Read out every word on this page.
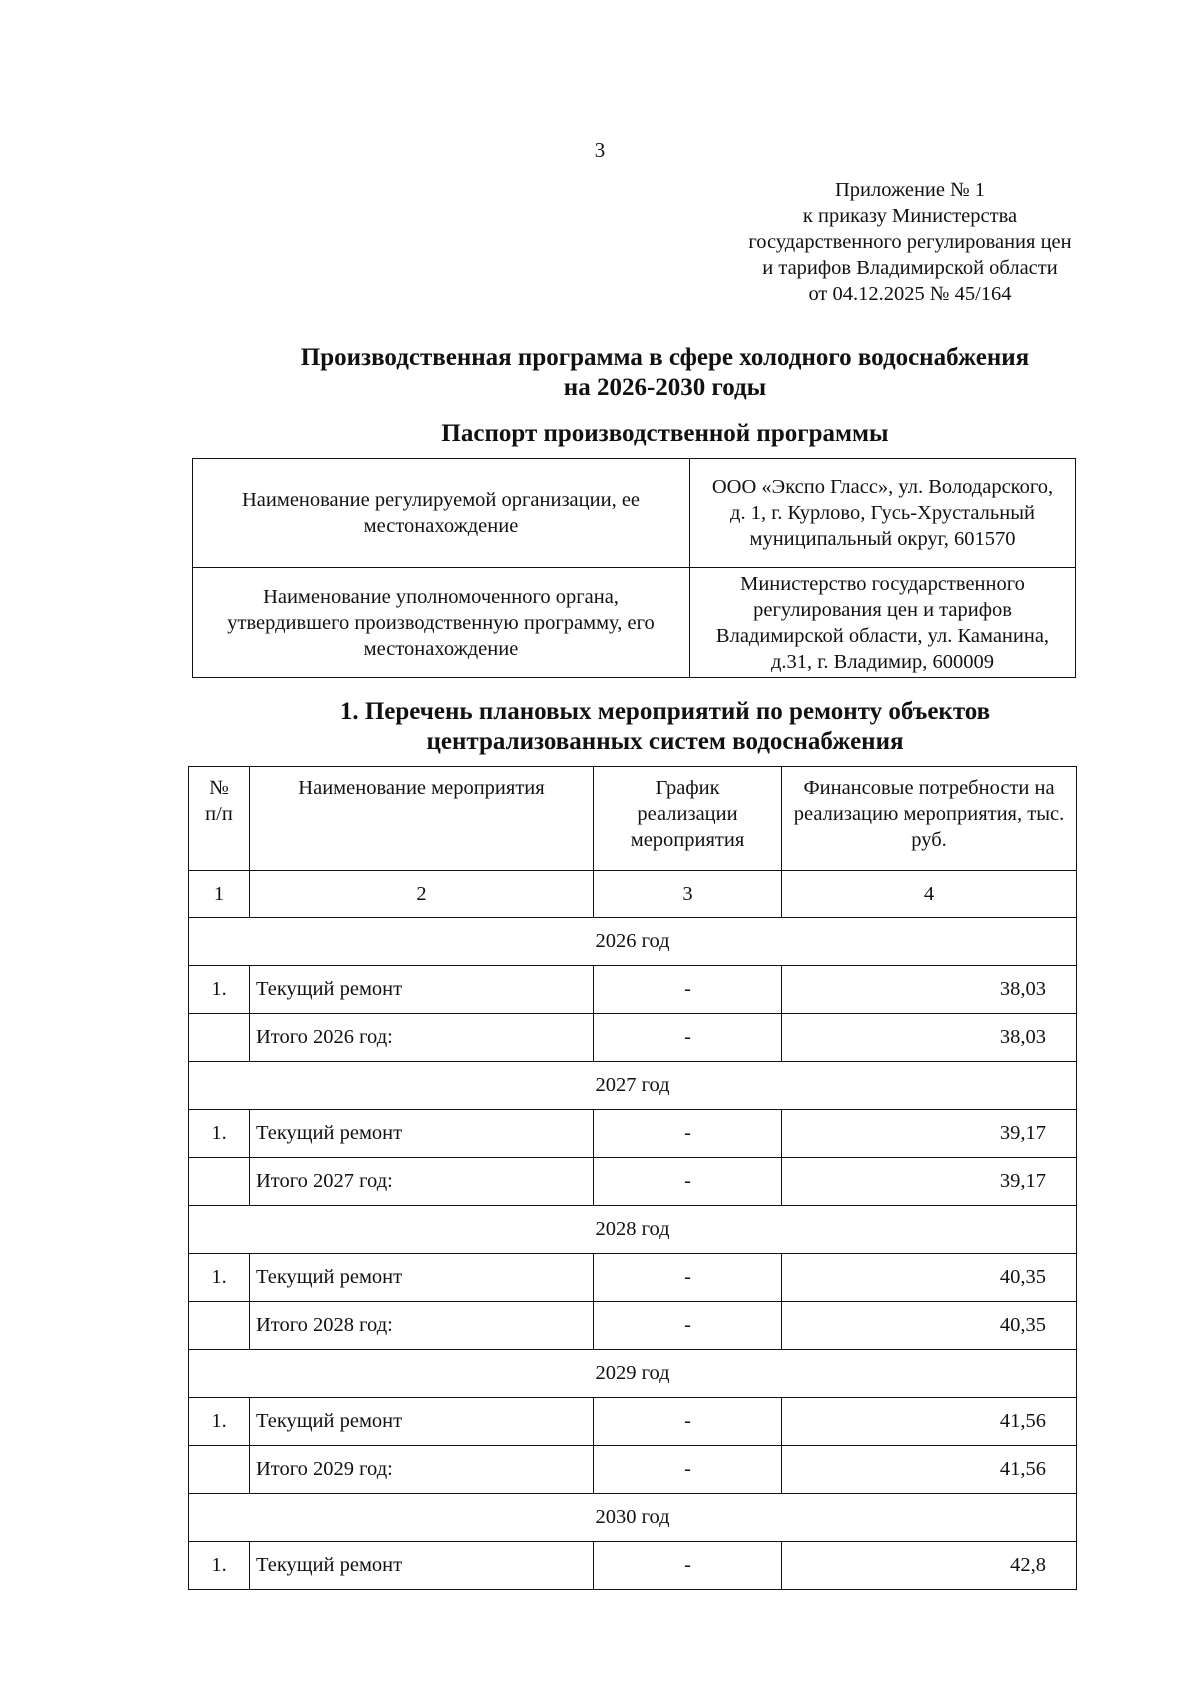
3
Приложение № 1
к приказу Министерства
государственного регулирования цен
и тарифов Владимирской области
от 04.12.2025 № 45/164
Производственная программа в сфере холодного водоснабжения
на 2026-2030 годы
Паспорт производственной программы
Наименование регулируемой организации, ее местонахождение	ООО «Экспо Гласс», ул. Володарского, д. 1, г. Курлово, Гусь-Хрустальный муниципальный округ, 601570
Наименование уполномоченного органа, утвердившего производственную программу, его местонахождение	Министерство государственного регулирования цен и тарифов Владимирской области, ул. Каманина, д.31, г. Владимир, 600009
1. Перечень плановых мероприятий по ремонту объектов
централизованных систем водоснабжения
№ п/п	Наименование мероприятия	График реализации мероприятия	Финансовые потребности на реализацию мероприятия, тыс. руб.
1	2	3	4
2026 год			
1.	Текущий ремонт	-	38,03
	Итого 2026 год:	-	38,03
2027 год			
1.	Текущий ремонт	-	39,17
	Итого 2027 год:	-	39,17
2028 год			
1.	Текущий ремонт	-	40,35
	Итого 2028 год:	-	40,35
2029 год			
1.	Текущий ремонт	-	41,56
	Итого 2029 год:	-	41,56
2030 год			
1.	Текущий ремонт	-	42,8
